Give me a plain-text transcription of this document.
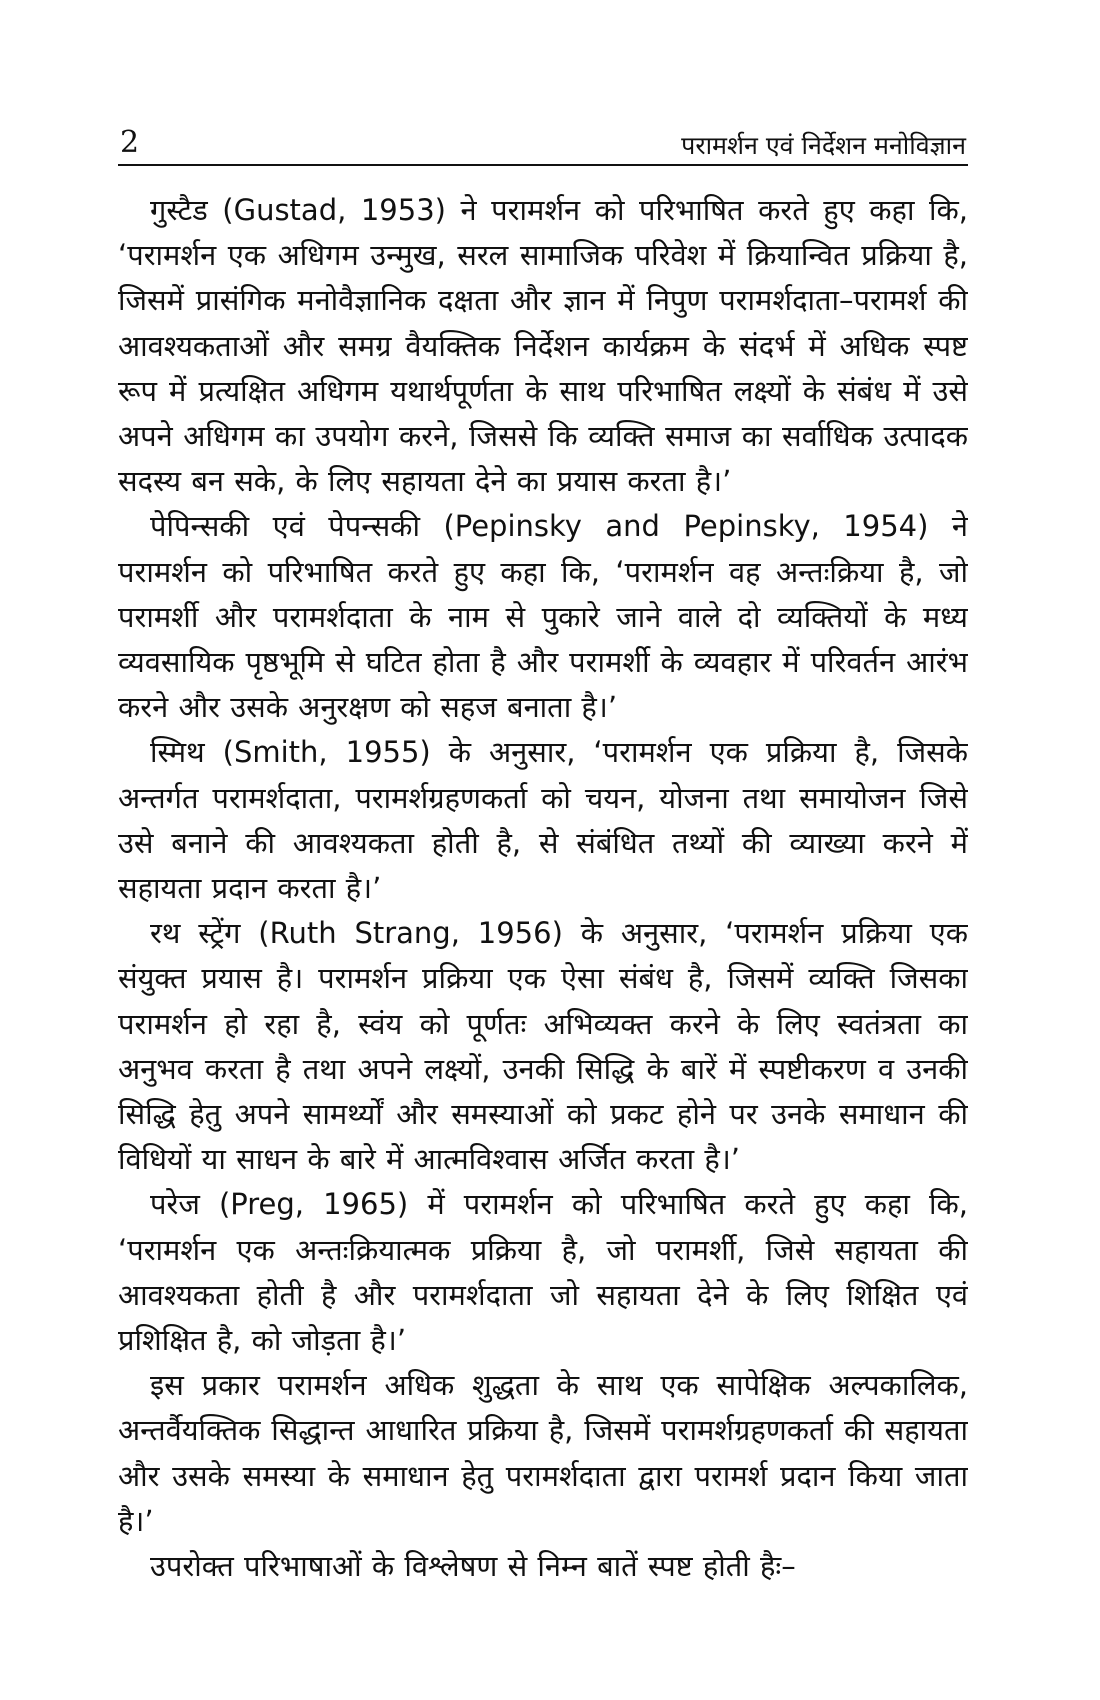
2	परामर्शन एवं निर्देशन मनोविज्ञान

गुस्टैड (Gustad, 1953) ने परामर्शन को परिभाषित करते हुए कहा कि, ‘परामर्शन एक अधिगम उन्मुख, सरल सामाजिक परिवेश में क्रियान्वित प्रक्रिया है, जिसमें प्रासंगिक मनोवैज्ञानिक दक्षता और ज्ञान में निपुण परामर्शदाता–परामर्श की आवश्यकताओं और समग्र वैयक्तिक निर्देशन कार्यक्रम के संदर्भ में अधिक स्पष्ट रूप में प्रत्यक्षित अधिगम यथार्थपूर्णता के साथ परिभाषित लक्ष्यों के संबंध में उसे अपने अधिगम का उपयोग करने, जिससे कि व्यक्ति समाज का सर्वाधिक उत्पादक सदस्य बन सके, के लिए सहायता देने का प्रयास करता है।’

पेपिन्सकी एवं पेपन्सकी (Pepinsky and Pepinsky, 1954) ने परामर्शन को परिभाषित करते हुए कहा कि, ‘परामर्शन वह अन्तःक्रिया है, जो परामर्शी और परामर्शदाता के नाम से पुकारे जाने वाले दो व्यक्तियों के मध्य व्यवसायिक पृष्ठभूमि से घटित होता है और परामर्शी के व्यवहार में परिवर्तन आरंभ करने और उसके अनुरक्षण को सहज बनाता है।’

स्मिथ (Smith, 1955) के अनुसार, ‘परामर्शन एक प्रक्रिया है, जिसके अन्तर्गत परामर्शदाता, परामर्शग्रहणकर्ता को चयन, योजना तथा समायोजन जिसे उसे बनाने की आवश्यकता होती है, से संबंधित तथ्यों की व्याख्या करने में सहायता प्रदान करता है।’

रथ स्ट्रेंग (Ruth Strang, 1956) के अनुसार, ‘परामर्शन प्रक्रिया एक संयुक्त प्रयास है। परामर्शन प्रक्रिया एक ऐसा संबंध है, जिसमें व्यक्ति जिसका परामर्शन हो रहा है, स्वंय को पूर्णतः अभिव्यक्त करने के लिए स्वतंत्रता का अनुभव करता है तथा अपने लक्ष्यों, उनकी सिद्धि के बारें में स्पष्टीकरण व उनकी सिद्धि हेतु अपने सामर्थ्यों और समस्याओं को प्रकट होने पर उनके समाधान की विधियों या साधन के बारे में आत्मविश्वास अर्जित करता है।’

परेज (Preg, 1965) में परामर्शन को परिभाषित करते हुए कहा कि, ‘परामर्शन एक अन्तःक्रियात्मक प्रक्रिया है, जो परामर्शी, जिसे सहायता की आवश्यकता होती है और परामर्शदाता जो सहायता देने के लिए शिक्षित एवं प्रशिक्षित है, को जोड़ता है।’

इस प्रकार परामर्शन अधिक शुद्धता के साथ एक सापेक्षिक अल्पकालिक, अन्तर्वैयक्तिक सिद्धान्त आधारित प्रक्रिया है, जिसमें परामर्शग्रहणकर्ता की सहायता और उसके समस्या के समाधान हेतु परामर्शदाता द्वारा परामर्श प्रदान किया जाता है।’

उपरोक्त परिभाषाओं के विश्लेषण से निम्न बातें स्पष्ट होती हैः–
